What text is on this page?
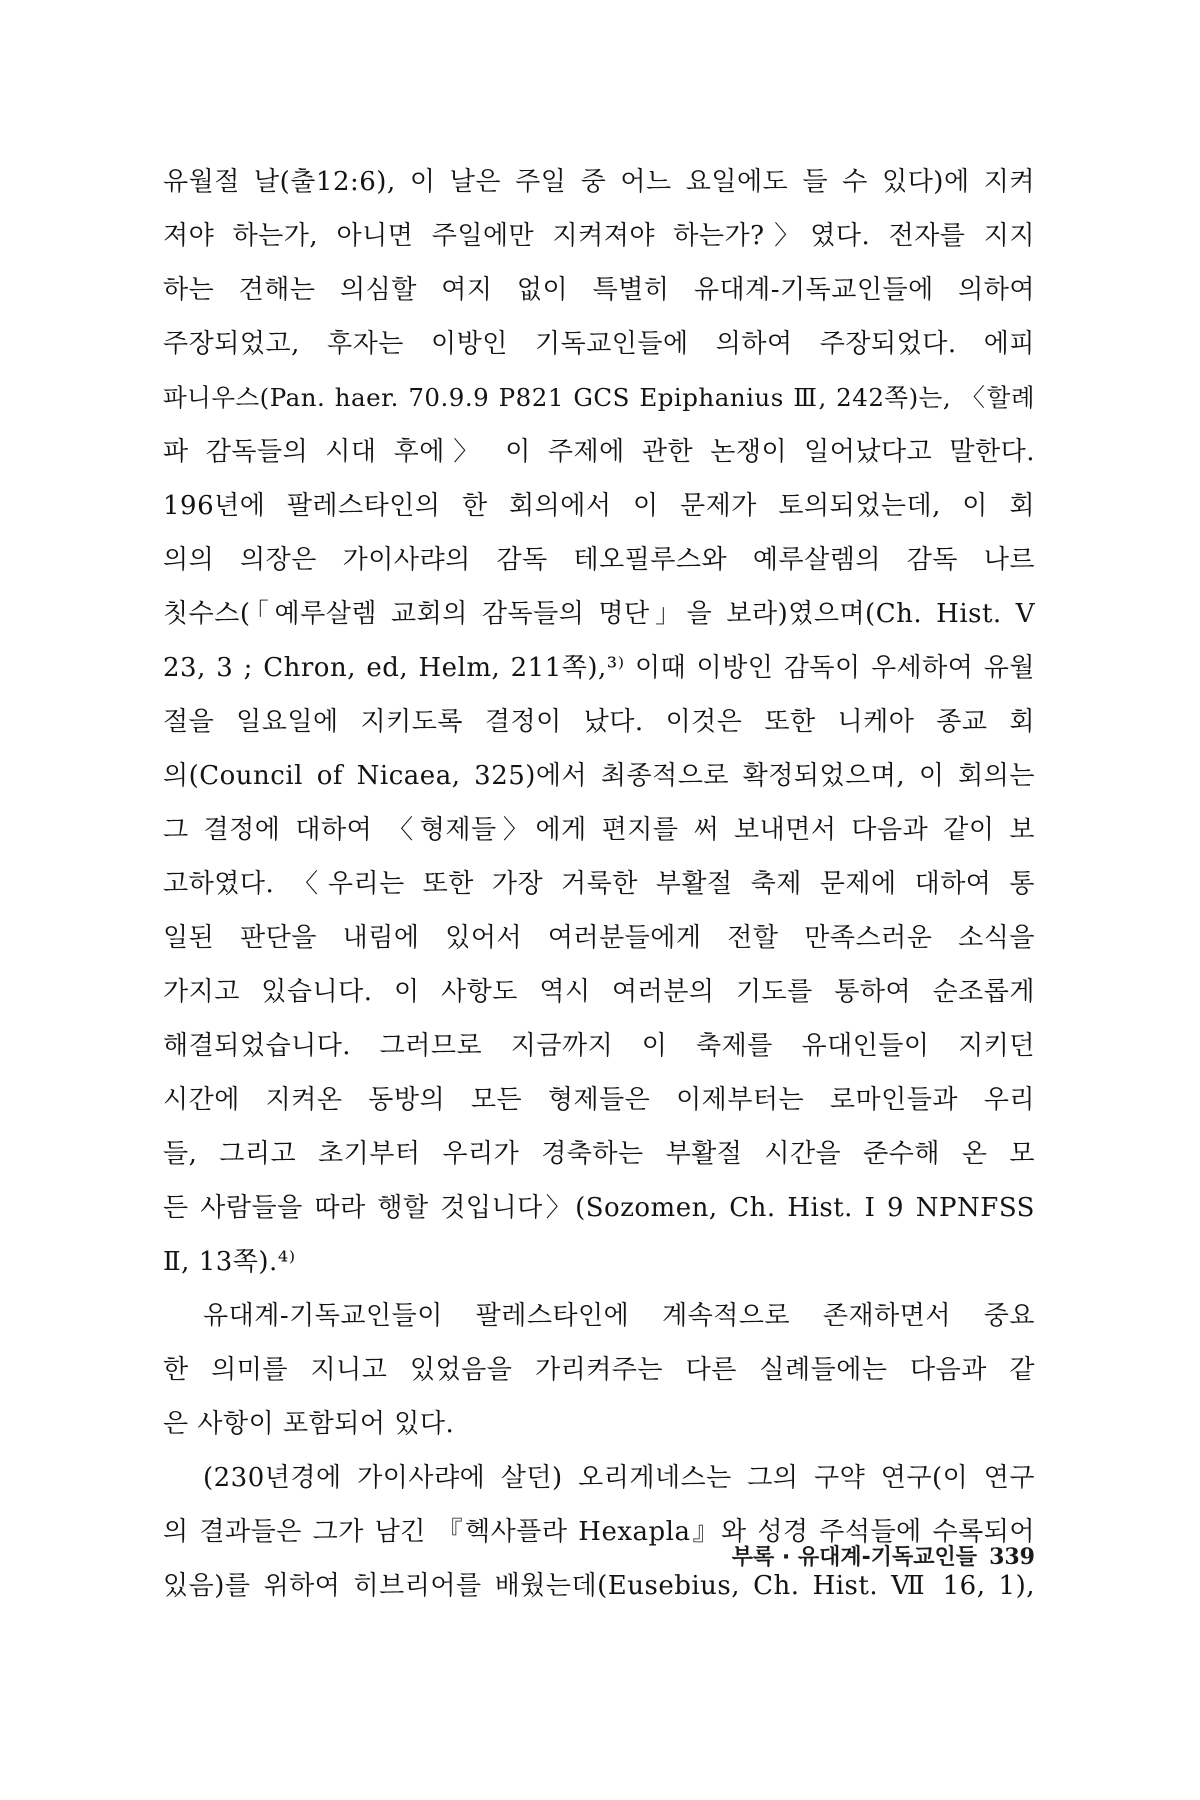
유월절 날(출12:6), 이 날은 주일 중 어느 요일에도 들 수 있다)에 지켜
져야 하는가, 아니면 주일에만 지켜져야 하는가?〉였다. 전자를 지지
하는 견해는 의심할 여지 없이 특별히 유대계-기독교인들에 의하여
주장되었고, 후자는 이방인 기독교인들에 의하여 주장되었다. 에피
파니우스(Pan. haer. 70.9.9 P821 GCS Epiphanius Ⅲ, 242쪽)는, 〈할례
파 감독들의 시대 후에〉 이 주제에 관한 논쟁이 일어났다고 말한다.
196년에 팔레스타인의 한 회의에서 이 문제가 토의되었는데, 이 회
의의 의장은 가이사랴의 감독 테오필루스와 예루살렘의 감독 나르
칫수스(「예루살렘 교회의 감독들의 명단」을 보라)였으며(Ch. Hist. V
23, 3 ; Chron, ed, Helm, 211쪽),³⁾ 이때 이방인 감독이 우세하여 유월
절을 일요일에 지키도록 결정이 났다. 이것은 또한 니케아 종교 회
의(Council of Nicaea, 325)에서 최종적으로 확정되었으며, 이 회의는
그 결정에 대하여 〈형제들〉에게 편지를 써 보내면서 다음과 같이 보
고하였다. 〈우리는 또한 가장 거룩한 부활절 축제 문제에 대하여 통
일된 판단을 내림에 있어서 여러분들에게 전할 만족스러운 소식을
가지고 있습니다. 이 사항도 역시 여러분의 기도를 통하여 순조롭게
해결되었습니다. 그러므로 지금까지 이 축제를 유대인들이 지키던
시간에 지켜온 동방의 모든 형제들은 이제부터는 로마인들과 우리
들, 그리고 초기부터 우리가 경축하는 부활절 시간을 준수해 온 모
든 사람들을 따라 행할 것입니다〉(Sozomen, Ch. Hist. I 9 NPNFSS
Ⅱ, 13쪽).⁴⁾
유대계-기독교인들이 팔레스타인에 계속적으로 존재하면서 중요
한 의미를 지니고 있었음을 가리켜주는 다른 실례들에는 다음과 같
은 사항이 포함되어 있다.
(230년경에 가이사랴에 살던) 오리게네스는 그의 구약 연구(이 연구
의 결과들은 그가 남긴 『헥사플라 Hexapla』와 성경 주석들에 수록되어
있음)를 위하여 히브리어를 배웠는데(Eusebius, Ch. Hist. Ⅶ 16, 1),
부록 · 유대계-기독교인들 339
